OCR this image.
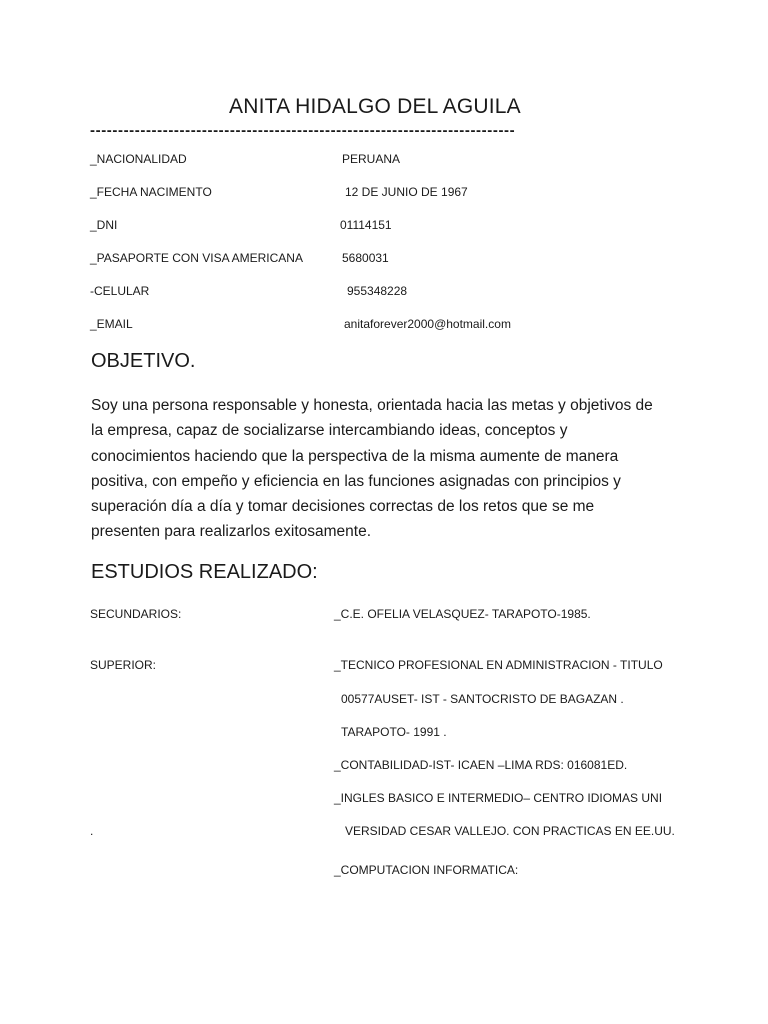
ANITA HIDALGO DEL AGUILA
----------------------------------------------------------------------------
_NACIONALIDAD	PERUANA
_FECHA NACIMENTO	12 DE JUNIO DE 1967
_DNI	01114151
_PASAPORTE CON VISA AMERICANA	5680031
-CELULAR	955348228
_EMAIL	anitaforever2000@hotmail.com
OBJETIVO.
Soy una persona responsable y honesta, orientada hacia las metas y objetivos de
la empresa, capaz de socializarse intercambiando ideas, conceptos y
conocimientos haciendo que la perspectiva de la misma aumente de manera
positiva, con empeño y eficiencia en las funciones asignadas con principios y
superación día a día y tomar decisiones correctas de los retos que se me
presenten para realizarlos exitosamente.
ESTUDIOS REALIZADO:
SECUNDARIOS:	_C.E. OFELIA VELASQUEZ- TARAPOTO-1985.
SUPERIOR:	_TECNICO PROFESIONAL EN ADMINISTRACION - TITULO
00577AUSET- IST - SANTOCRISTO DE BAGAZAN .
TARAPOTO- 1991 .
_CONTABILIDAD-IST- ICAEN –LIMA RDS: 016081ED.
_INGLES BASICO E INTERMEDIO– CENTRO IDIOMAS UNI
.	VERSIDAD CESAR VALLEJO. CON PRACTICAS EN EE.UU.
_COMPUTACION INFORMATICA:
